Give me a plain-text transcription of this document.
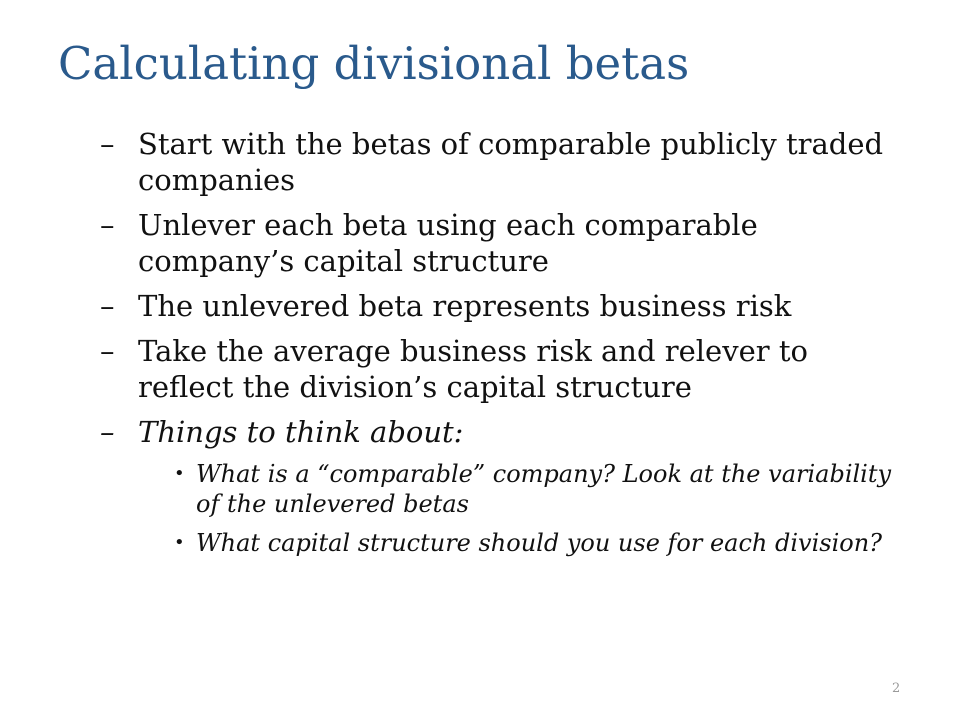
Calculating divisional betas
– Start with the betas of comparable publicly traded companies
– Unlever each beta using each comparable company’s capital structure
– The unlevered beta represents business risk
– Take the average business risk and relever to reflect the division’s capital structure
– Things to think about:
• What is a “comparable” company? Look at the variability of the unlevered betas
• What capital structure should you use for each division?
2
